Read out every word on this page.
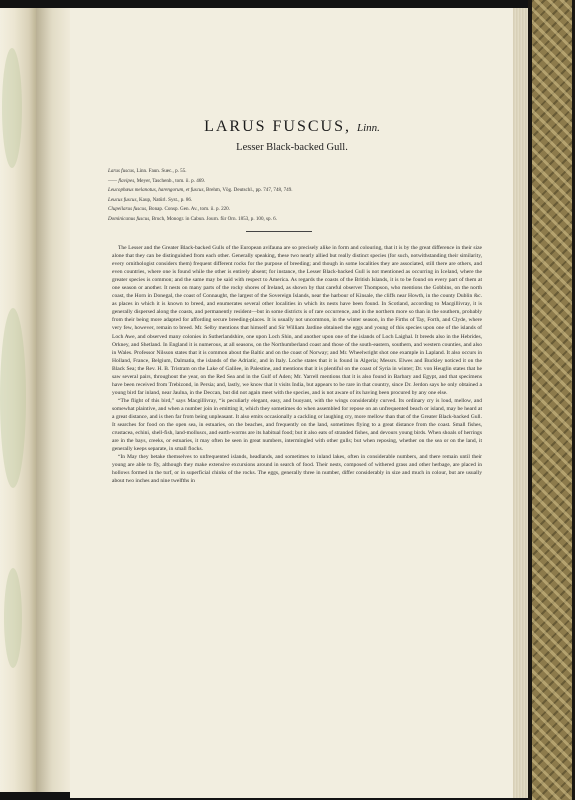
LARUS FUSCUS, Linn.
Lesser Black-backed Gull.
Larus fuscus, Linn. Faun. Suec., p. 55.
—— flavipes, Meyer, Taschenb., tom. ii. p. 469.
Leucophæus melanotus, harengorum, et fuscus, Brehm, Vög. Deutschl., pp. 747, 748, 749.
Leucus fuscus, Kaup, Natürl. Syst., p. 86.
Clupeilarus fuscus, Bonap. Consp. Gen. Av., tom. ii. p. 220.
Dominicanus fuscus, Bruch, Monogr. in Cabun. Journ. für Orn. 1853, p. 100, sp. 6.

The Lesser and the Greater Black-backed Gulls of the European avifauna are so precisely alike in form and colouring, that it is by the great difference in their size alone that they can be distinguished from each other. Generally speaking, these two nearly allied but really distinct species (for such, notwithstanding their similarity, every ornithologist considers them) frequent different rocks for the purpose of breeding; and though in some localities they are associated, still there are others, and even countries, where one is found while the other is entirely absent; for instance, the Lesser Black-backed Gull is not mentioned as occurring in Iceland, where the greater species is common; and the same may be said with respect to America. As regards the coasts of the British Islands, it is to be found on every part of them at one season or another. It nests on many parts of the rocky shores of Ireland, as shown by that careful observer Thompson, who mentions the Gobbins, on the north coast, the Horn in Donegal, the coast of Connaught, the largest of the Sovereign Islands, near the harbour of Kinsale, the cliffs near Howth, in the county Dublin &c. as places in which it is known to breed, and enumerates several other localities in which its nests have been found. In Scotland, according to Macgillivray, it is generally dispersed along the coasts, and permanently resident—but in some districts is of rare occurrence, and in the northern more so than in the southern, probably from their being more adapted for affording secure breeding-places. It is usually not uncommon, in the winter season, in the Firths of Tay, Forth, and Clyde, where very few, however, remain to breed. Mr. Selby mentions that himself and Sir William Jardine obtained the eggs and young of this species upon one of the islands of Loch Awe, and observed many colonies in Sutherlandshire, one upon Loch Shin, and another upon one of the islands of Loch Laighal. It breeds also in the Hebrides, Orkney, and Shetland. In England it is numerous, at all seasons, on the Northumberland coast and those of the south-eastern, southern, and western counties, and also in Wales. Professor Nilsson states that it is common about the Baltic and on the coast of Norway; and Mr. Wheelwright shot one example in Lapland. It also occurs in Holland, France, Belgium, Dalmatia, the islands of the Adriatic, and in Italy. Loche states that it is found in Algeria; Messrs. Elwes and Buckley noticed it on the Black Sea; the Rev. H. B. Tristram on the Lake of Galilee, in Palestine, and mentions that it is plentiful on the coast of Syria in winter; Dr. von Heuglin states that he saw several pairs, throughout the year, on the Red Sea and in the Gulf of Aden; Mr. Yarrell mentions that it is also found in Barbary and Egypt, and that specimens have been received from Trebizond, in Persia; and, lastly, we know that it visits India, but appears to be rare in that country, since Dr. Jerdon says he only obtained a young bird far inland, near Jaulna, in the Deccan, but did not again meet with the species, and is not aware of its having been procured by any one else.

“The flight of this bird,” says Macgillivray, “is peculiarly elegant, easy, and buoyant, with the wings considerably curved. Its ordinary cry is loud, mellow, and somewhat plaintive, and when a number join in emitting it, which they sometimes do when assembled for repose on an unfrequented beach or island, may be heard at a great distance, and is then far from being unpleasant. It also emits occasionally a cackling or laughing cry, more mellow than that of the Greater Black-backed Gull. It searches for food on the open sea, in estuaries, on the beaches, and frequently on the land, sometimes flying to a great distance from the coast. Small fishes, crustacea, echini, shell-fish, land-molluscs, and earth-worms are its habitual food; but it also eats of stranded fishes, and devours young birds. When shoals of herrings are in the bays, creeks, or estuaries, it may often be seen in great numbers, intermingled with other gulls; but when reposing, whether on the sea or on the land, it generally keeps separate, in small flocks.

“In May they betake themselves to unfrequented islands, headlands, and sometimes to inland lakes, often in considerable numbers, and there remain until their young are able to fly, although they make extensive excursions around in search of food. Their nests, composed of withered grass and other herbage, are placed in hollows formed in the turf, or in superficial chinks of the rocks. The eggs, generally three in number, differ considerably in size and much in colour, but are usually about two inches and nine twelfths in
